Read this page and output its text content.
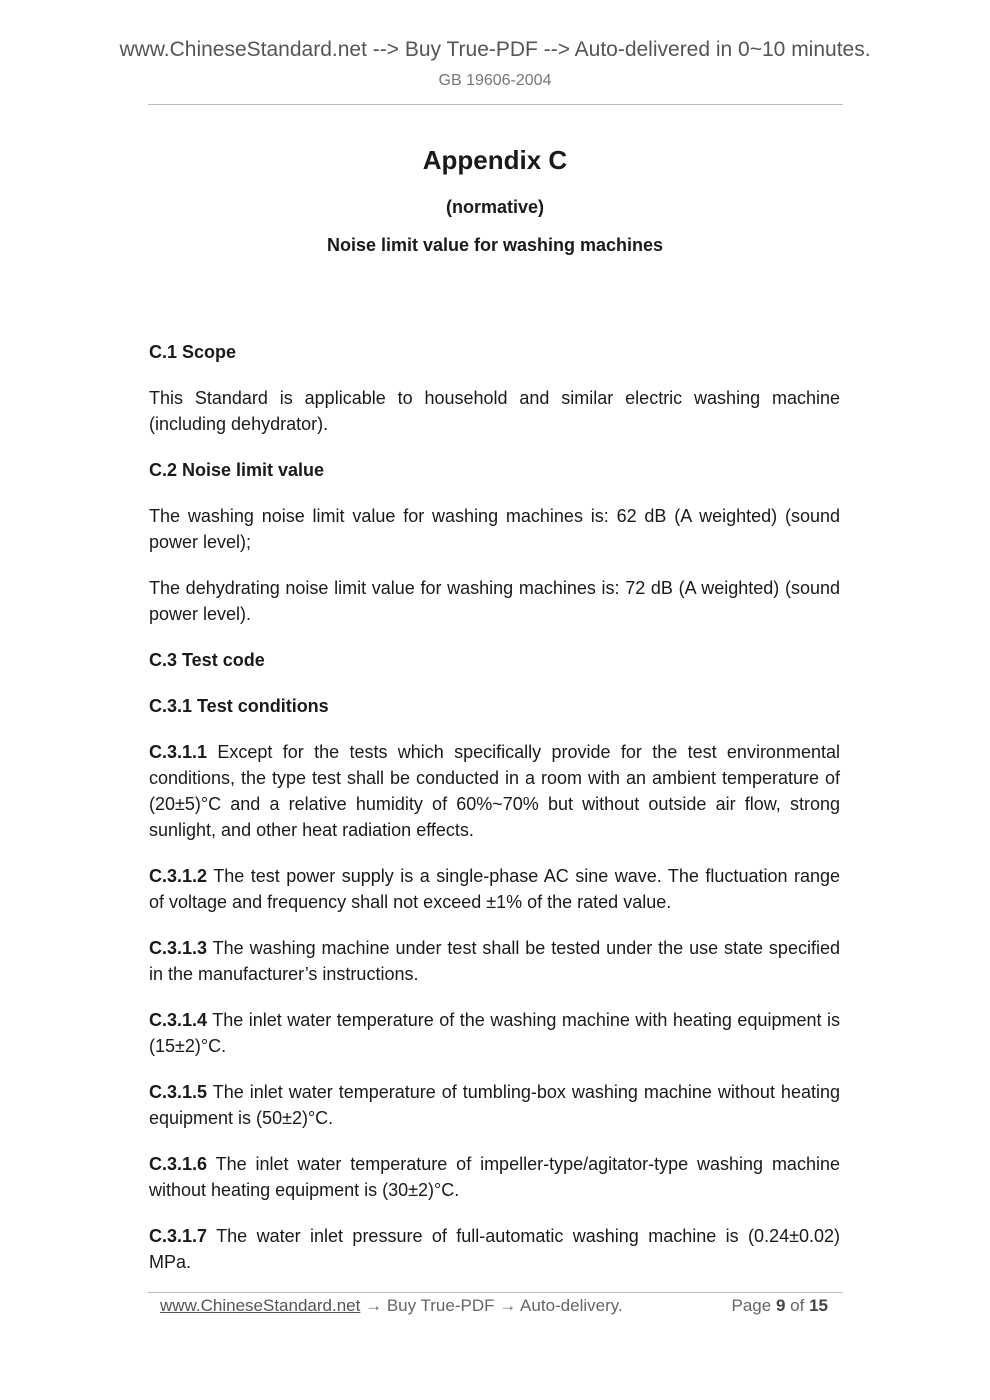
www.ChineseStandard.net --> Buy True-PDF --> Auto-delivered in 0~10 minutes.
GB 19606-2004
Appendix C
(normative)
Noise limit value for washing machines
C.1 Scope

This Standard is applicable to household and similar electric washing machine (including dehydrator).

C.2 Noise limit value

The washing noise limit value for washing machines is: 62 dB (A weighted) (sound power level);

The dehydrating noise limit value for washing machines is: 72 dB (A weighted) (sound power level).

C.3 Test code
C.3.1 Test conditions

C.3.1.1 Except for the tests which specifically provide for the test environmental conditions, the type test shall be conducted in a room with an ambient temperature of (20±5)°C and a relative humidity of 60%~70% but without outside air flow, strong sunlight, and other heat radiation effects.

C.3.1.2 The test power supply is a single-phase AC sine wave. The fluctuation range of voltage and frequency shall not exceed ±1% of the rated value.

C.3.1.3 The washing machine under test shall be tested under the use state specified in the manufacturer’s instructions.

C.3.1.4 The inlet water temperature of the washing machine with heating equipment is (15±2)°C.

C.3.1.5 The inlet water temperature of tumbling-box washing machine without heating equipment is (50±2)°C.

C.3.1.6 The inlet water temperature of impeller-type/agitator-type washing machine without heating equipment is (30±2)°C.

C.3.1.7 The water inlet pressure of full-automatic washing machine is (0.24±0.02) MPa.

www.ChineseStandard.net → Buy True-PDF → Auto-delivery.	Page 9 of 15
